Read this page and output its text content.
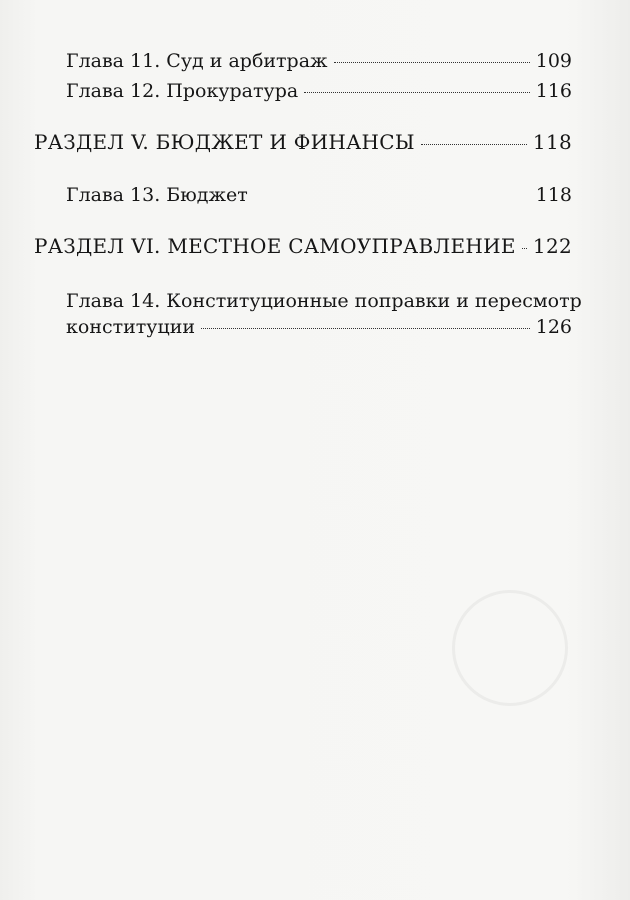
Глава 11. Суд и арбитраж	109
Глава 12. Прокуратура	116
РАЗДЕЛ V. БЮДЖЕТ И ФИНАНСЫ	118
Глава 13. Бюджет	118
РАЗДЕЛ VI. МЕСТНОЕ САМОУПРАВЛЕНИЕ 122
Глава 14. Конституционные поправки и пересмотр
конституции	126
